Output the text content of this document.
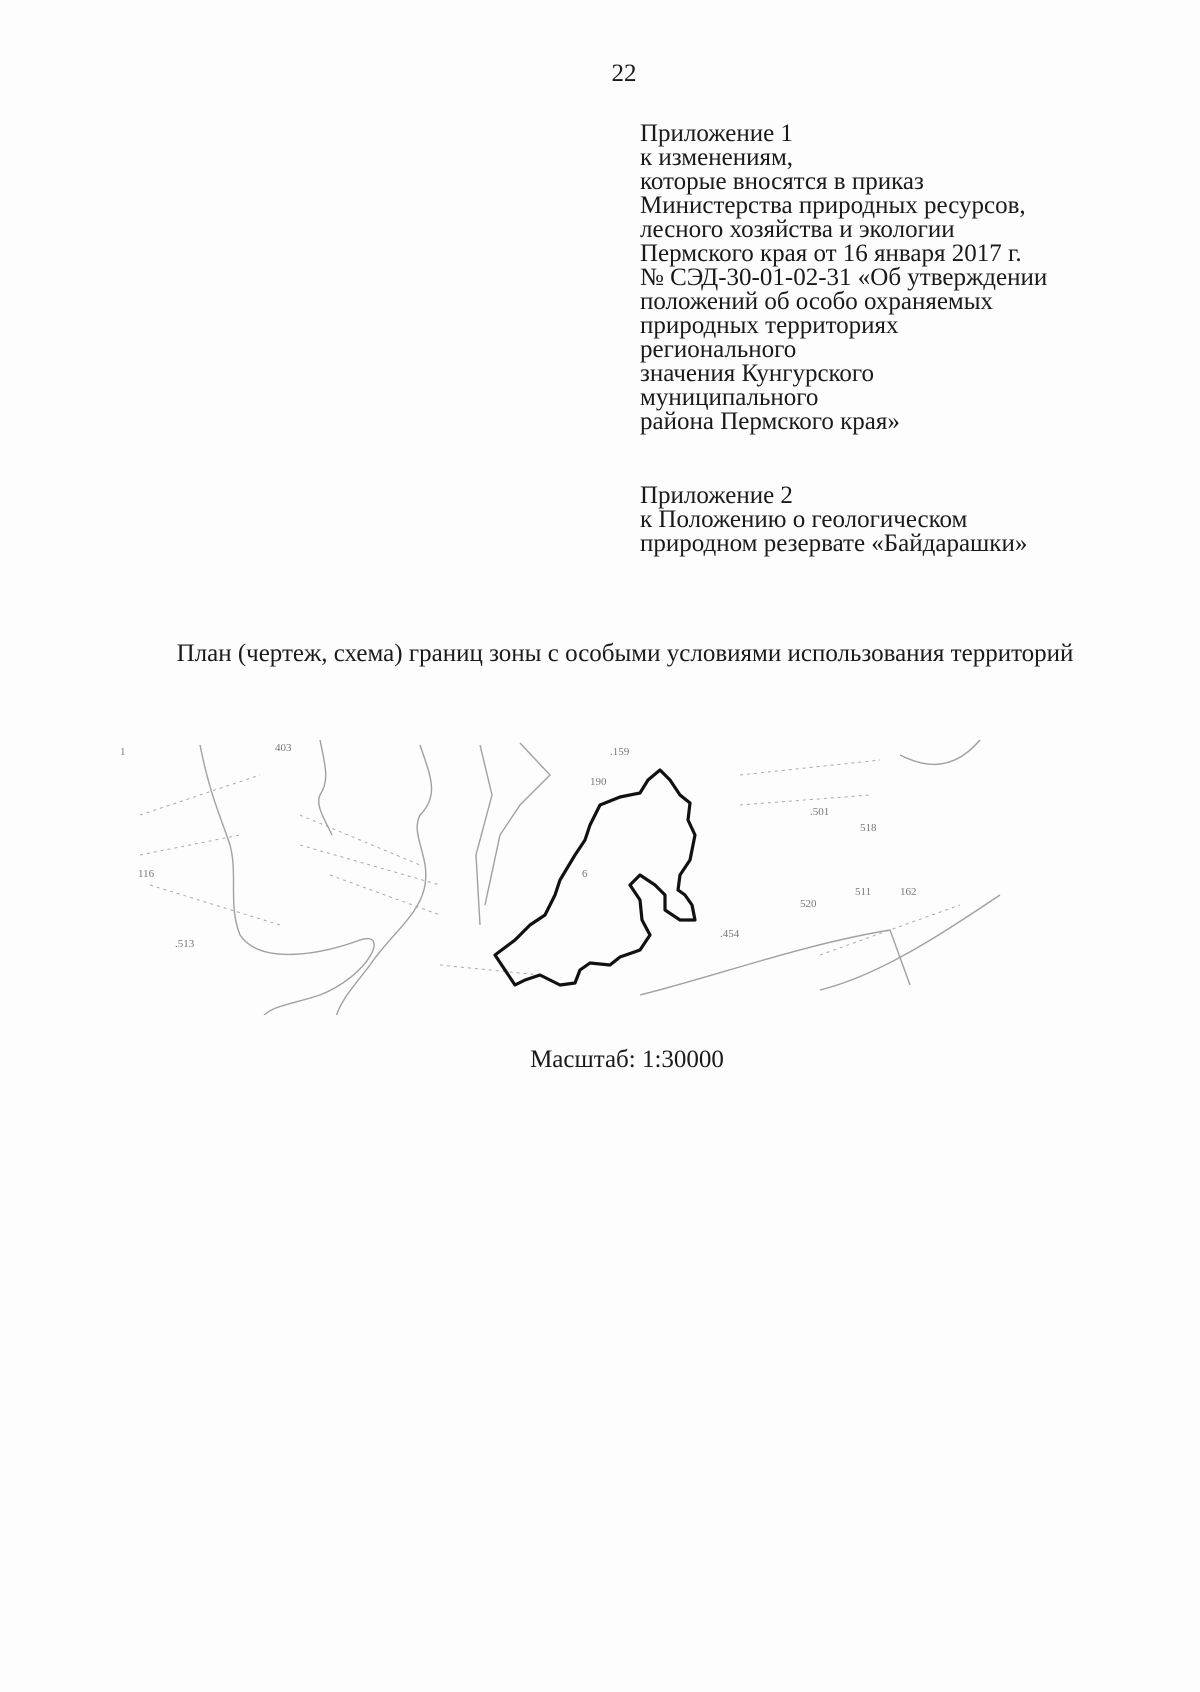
22
Приложение 1
к изменениям,
которые вносятся в приказ
Министерства природных ресурсов,
лесного хозяйства и экологии
Пермского края от 16 января 2017 г.
№ СЭД-30-01-02-31 «Об утверждении
положений об особо охраняемых
природных территориях
регионального
значения Кунгурского
муниципального
района Пермского края»
Приложение 2
к Положению о геологическом
природном резервате «Байдарашки»
План (чертеж, схема) границ зоны с особыми условиями использования территорий
403	.159
190
.501
518
511	162
520
.454
.513
116	6
1
Масштаб: 1:30000
